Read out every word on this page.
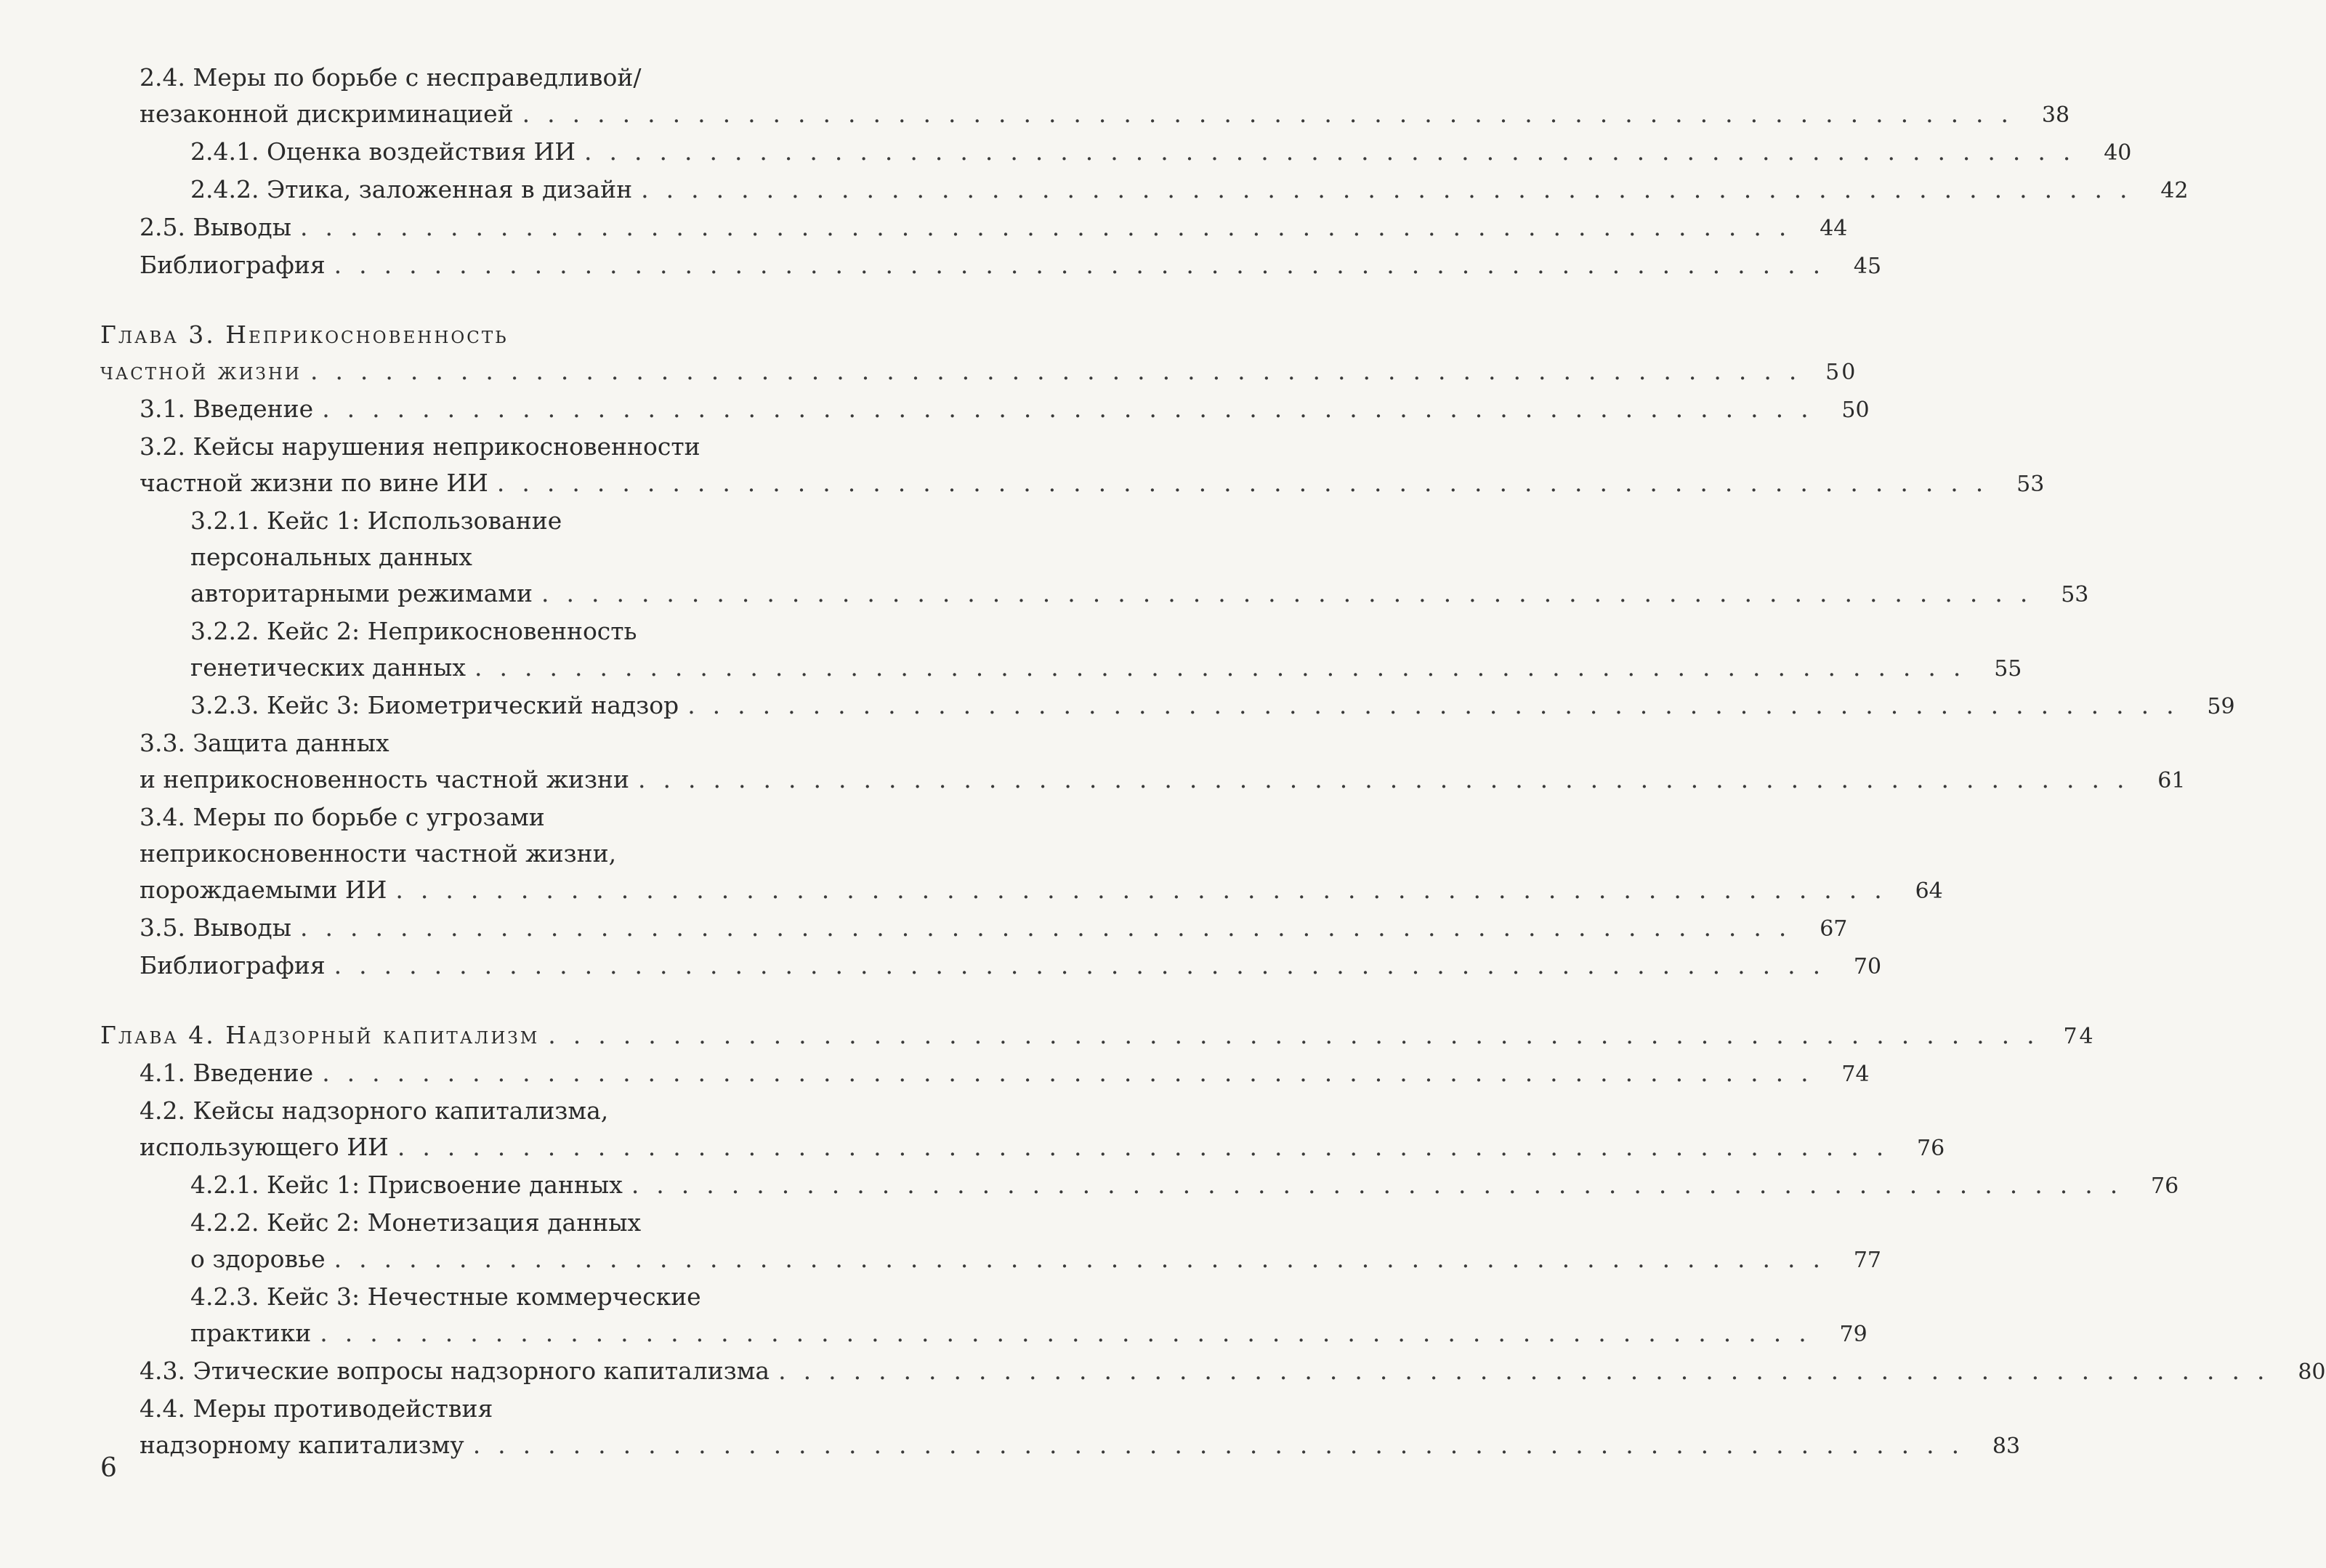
2.4. Меры по борьбе с несправедливой/
незаконной дискриминацией ............................................................ 38
2.4.1. Оценка воздействия ИИ ............................................................ 40
2.4.2. Этика, заложенная в дизайн ............................................................ 42
2.5. Выводы ............................................................ 44
Библиография ............................................................ 45
Глава 3. Неприкосновенность
частной жизни ............................................................ 50
3.1. Введение ............................................................ 50
3.2. Кейсы нарушения неприкосновенности
частной жизни по вине ИИ ............................................................ 53
3.2.1. Кейс 1: Использование
персональных данных
авторитарными режимами ............................................................ 53
3.2.2. Кейс 2: Неприкосновенность
генетических данных ............................................................ 55
3.2.3. Кейс 3: Биометрический надзор ............................................................ 59
3.3. Защита данных
и неприкосновенность частной жизни ............................................................ 61
3.4. Меры по борьбе с угрозами
неприкосновенности частной жизни,
порождаемыми ИИ ............................................................ 64
3.5. Выводы ............................................................ 67
Библиография ............................................................ 70
Глава 4. Надзорный капитализм ............................................................ 74
4.1. Введение ............................................................ 74
4.2. Кейсы надзорного капитализма,
использующего ИИ ............................................................ 76
4.2.1. Кейс 1: Присвоение данных ............................................................ 76
4.2.2. Кейс 2: Монетизация данных
о здоровье ............................................................ 77
4.2.3. Кейс 3: Нечестные коммерческие
практики ............................................................ 79
4.3. Этические вопросы надзорного капитализма ............................................................ 80
4.4. Меры противодействия
надзорному капитализму ............................................................ 83
6
